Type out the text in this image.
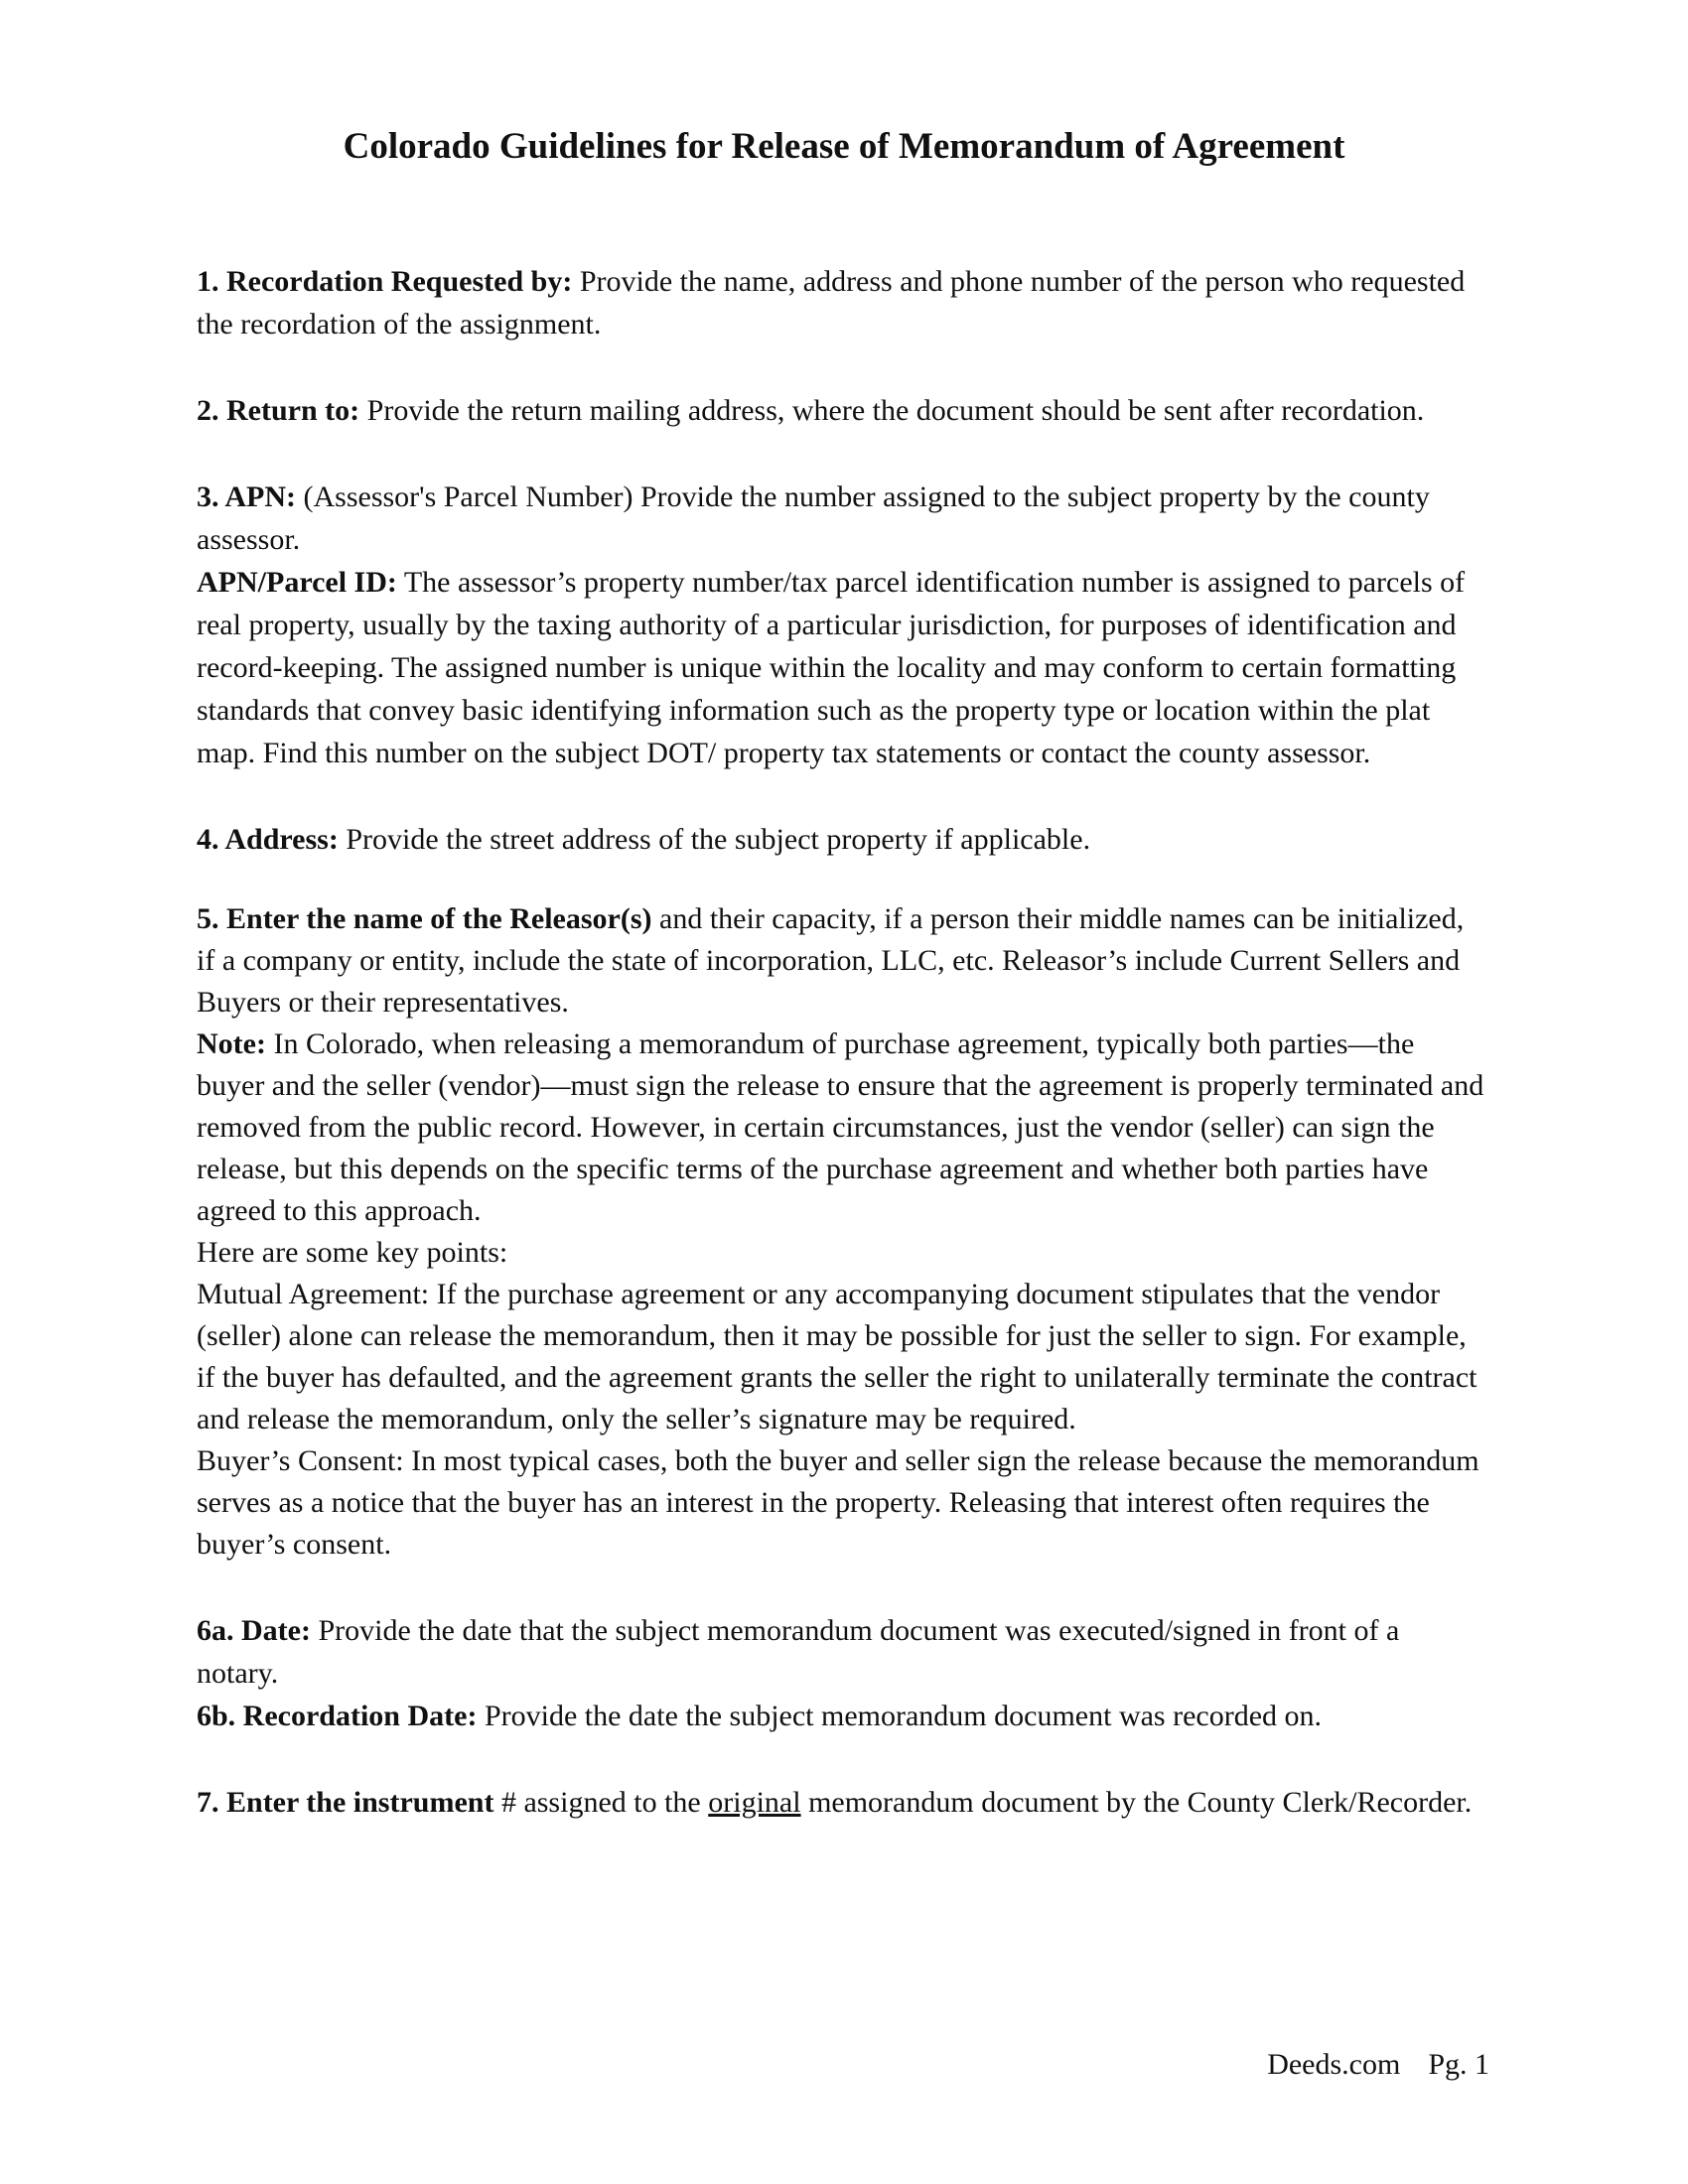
Colorado Guidelines for Release of Memorandum of Agreement

1. Recordation Requested by: Provide the name, address and phone number of the person who requested the recordation of the assignment.

2. Return to: Provide the return mailing address, where the document should be sent after recordation.

3. APN: (Assessor's Parcel Number) Provide the number assigned to the subject property by the county assessor.

APN/Parcel ID: The assessor’s property number/tax parcel identification number is assigned to parcels of real property, usually by the taxing authority of a particular jurisdiction, for purposes of identification and record-keeping. The assigned number is unique within the locality and may conform to certain formatting standards that convey basic identifying information such as the property type or location within the plat map. Find this number on the subject DOT/ property tax statements or contact the county assessor.

4. Address: Provide the street address of the subject property if applicable.

5. Enter the name of the Releasor(s) and their capacity, if a person their middle names can be initialized, if a company or entity, include the state of incorporation, LLC, etc. Releasor’s include Current Sellers and Buyers or their representatives.

Note: In Colorado, when releasing a memorandum of purchase agreement, typically both parties—the buyer and the seller (vendor)—must sign the release to ensure that the agreement is properly terminated and removed from the public record. However, in certain circumstances, just the vendor (seller) can sign the release, but this depends on the specific terms of the purchase agreement and whether both parties have agreed to this approach.

Here are some key points:

Mutual Agreement: If the purchase agreement or any accompanying document stipulates that the vendor (seller) alone can release the memorandum, then it may be possible for just the seller to sign. For example, if the buyer has defaulted, and the agreement grants the seller the right to unilaterally terminate the contract and release the memorandum, only the seller’s signature may be required.

Buyer’s Consent: In most typical cases, both the buyer and seller sign the release because the memorandum serves as a notice that the buyer has an interest in the property. Releasing that interest often requires the buyer’s consent.

6a. Date: Provide the date that the subject memorandum document was executed/signed in front of a notary.

6b. Recordation Date: Provide the date the subject memorandum document was recorded on.

7. Enter the instrument # assigned to the original memorandum document by the County Clerk/Recorder.

Deeds.com Pg. 1
